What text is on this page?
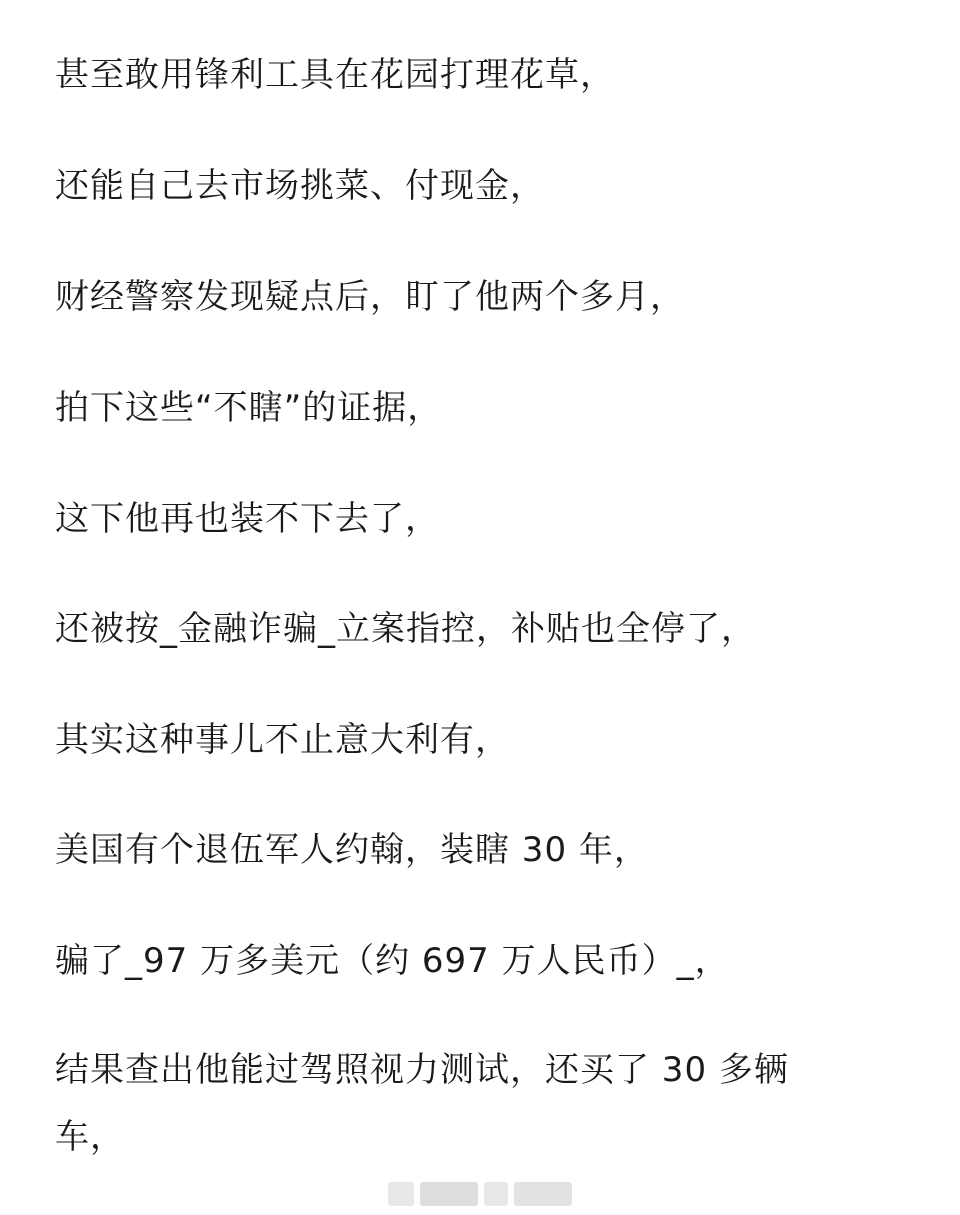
甚至敢用锋利工具在花园打理花草，
还能自己去市场挑菜、付现金，
财经警察发现疑点后，盯了他两个多月，
拍下这些“不瞎”的证据，
这下他再也装不下去了，
还被按_金融诈骗_立案指控，补贴也全停了，
其实这种事儿不止意大利有，
美国有个退伍军人约翰，装瞎 30 年，
骗了_97 万多美元（约 697 万人民币）_，
结果查出他能过驾照视力测试，还买了 30 多辆
车，
